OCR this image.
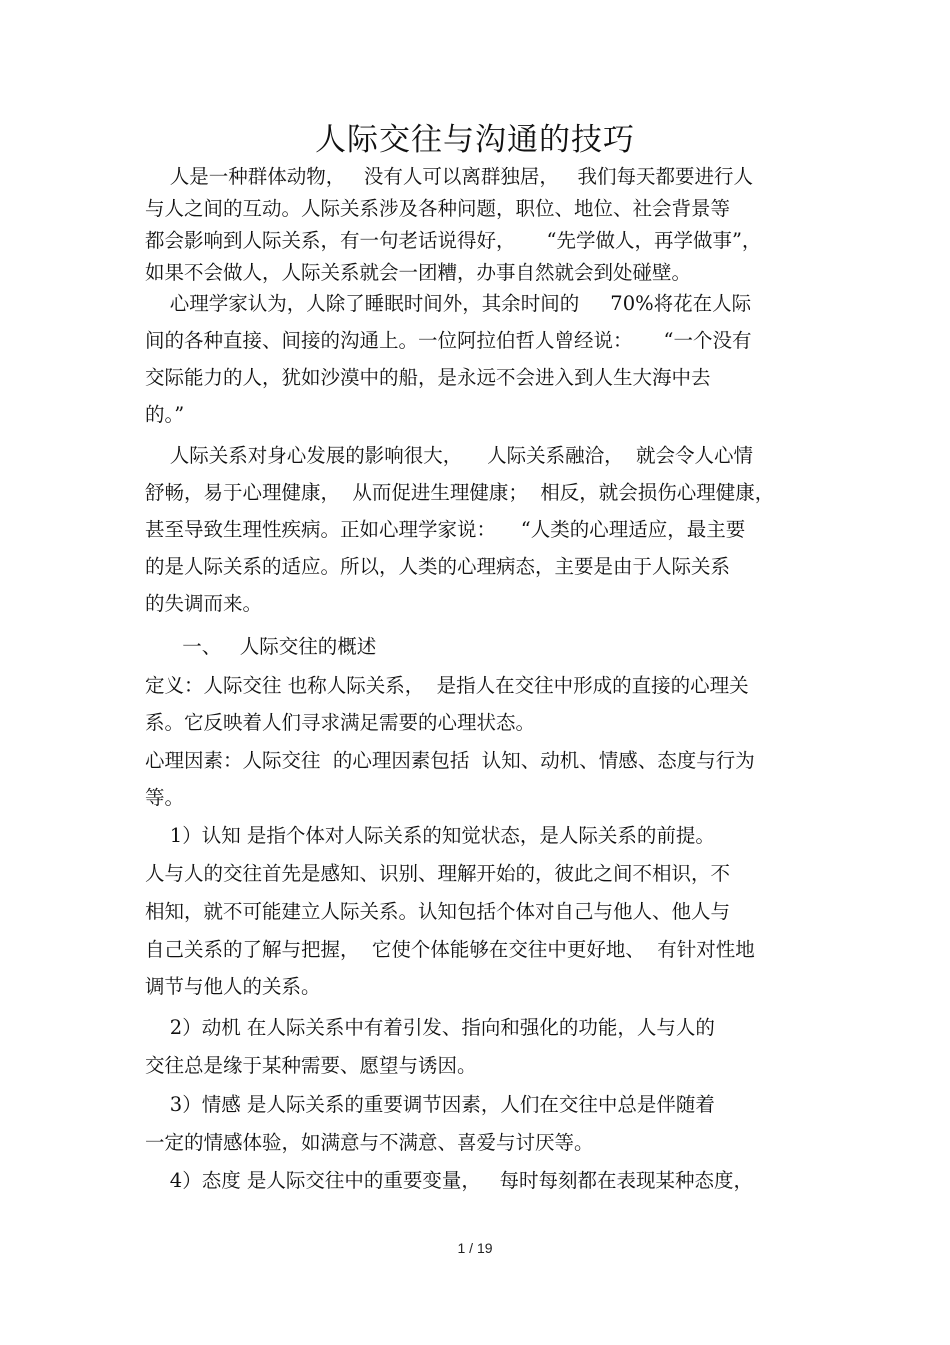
人际交往与沟通的技巧
人是一种群体动物，   没有人可以离群独居，   我们每天都要进行人
与人之间的互动。人际关系涉及各种问题，职位、地位、社会背景等
都会影响到人际关系，有一句老话说得好，     “先学做人，再学做事”，
如果不会做人，人际关系就会一团糟，办事自然就会到处碰壁。
心理学家认为，人除了睡眠时间外，其余时间的     70%将花在人际
间的各种直接、间接的沟通上。一位阿拉伯哲人曾经说：     “一个没有
交际能力的人，犹如沙漠中的船，是永远不会进入到人生大海中去
的。”
人际关系对身心发展的影响很大，    人际关系融洽，  就会令人心情
舒畅，易于心理健康，  从而促进生理健康；  相反，就会损伤心理健康，
甚至导致生理性疾病。正如心理学家说：    “人类的心理适应，最主要
的是人际关系的适应。所以，人类的心理病态，主要是由于人际关系
的失调而来。
一、   人际交往的概述
定义：人际交往 也称人际关系，  是指人在交往中形成的直接的心理关
系。它反映着人们寻求满足需要的心理状态。
心理因素：人际交往  的心理因素包括  认知、动机、情感、态度与行为
等。
1）认知 是指个体对人际关系的知觉状态，是人际关系的前提。
人与人的交往首先是感知、识别、理解开始的，彼此之间不相识，不
相知，就不可能建立人际关系。认知包括个体对自己与他人、他人与
自己关系的了解与把握，  它使个体能够在交往中更好地、  有针对性地
调节与他人的关系。
2）动机 在人际关系中有着引发、指向和强化的功能，人与人的
交往总是缘于某种需要、愿望与诱因。
3）情感 是人际关系的重要调节因素，人们在交往中总是伴随着
一定的情感体验，如满意与不满意、喜爱与讨厌等。
4）态度 是人际交往中的重要变量，   每时每刻都在表现某种态度，
1 / 19
